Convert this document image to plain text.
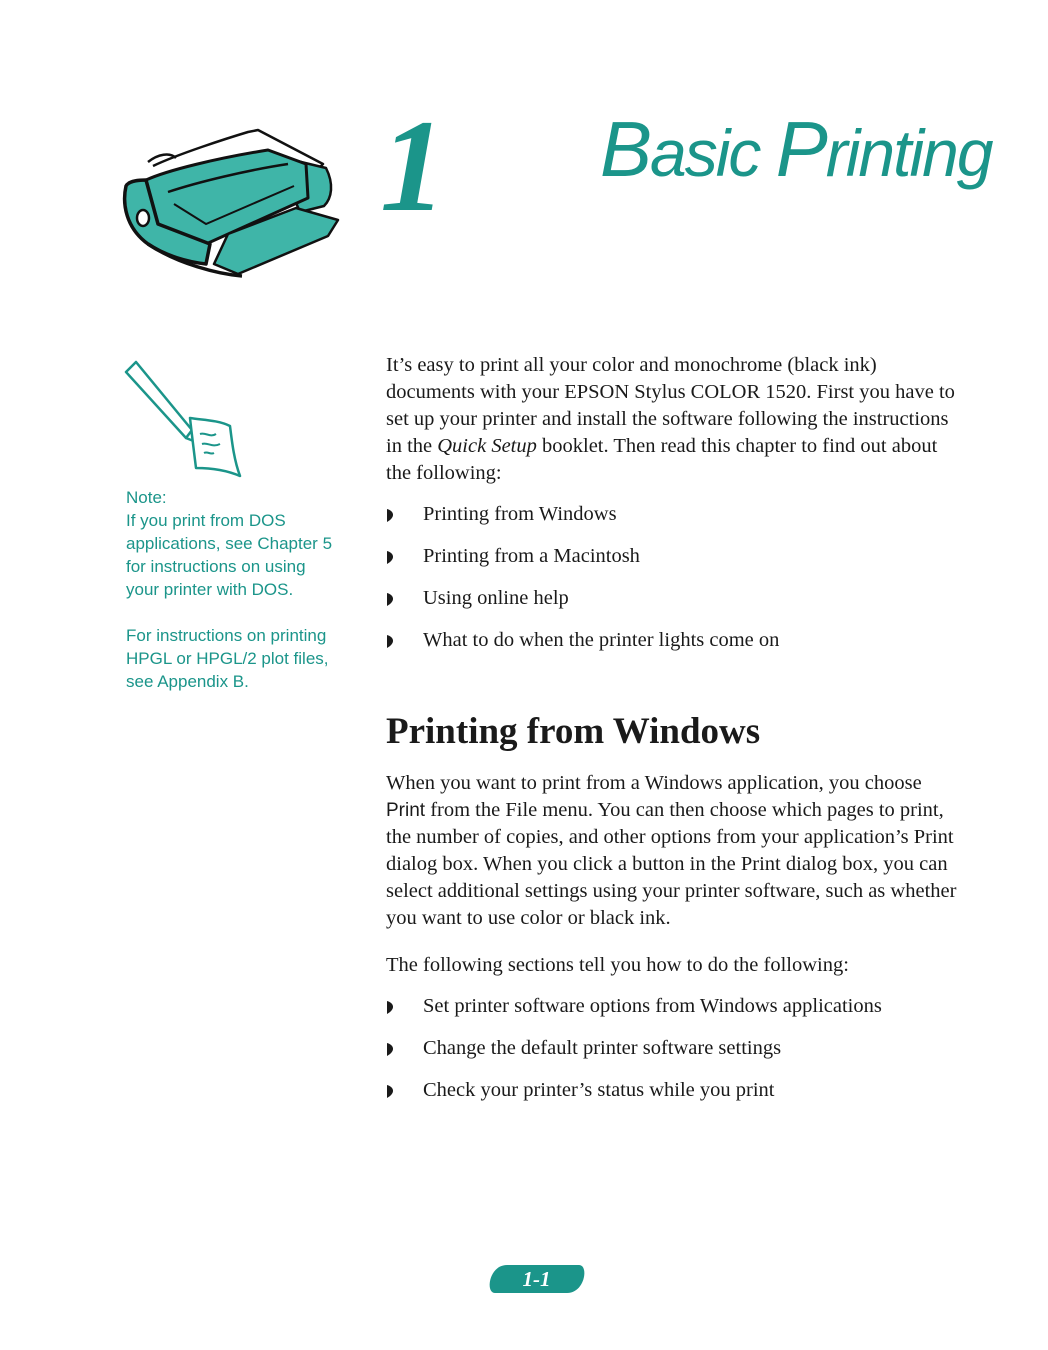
1 Basic Printing

Note:

If you print from DOS applications, see Chapter 5 for instructions on using your printer with DOS.

For instructions on printing HPGL or HPGL/2 plot files, see Appendix B.

It’s easy to print all your color and monochrome (black ink) documents with your EPSON Stylus COLOR 1520. First you have to set up your printer and install the software following the instructions in the Quick Setup booklet. Then read this chapter to find out about the following:

Printing from Windows
Printing from a Macintosh
Using online help
What to do when the printer lights come on
Printing from Windows

When you want to print from a Windows application, you choose Print from the File menu. You can then choose which pages to print, the number of copies, and other options from your application’s Print dialog box. When you click a button in the Print dialog box, you can select additional settings using your printer software, such as whether you want to use color or black ink.

The following sections tell you how to do the following:

Set printer software options from Windows applications
Change the default printer software settings
Check your printer’s status while you print
1-1
